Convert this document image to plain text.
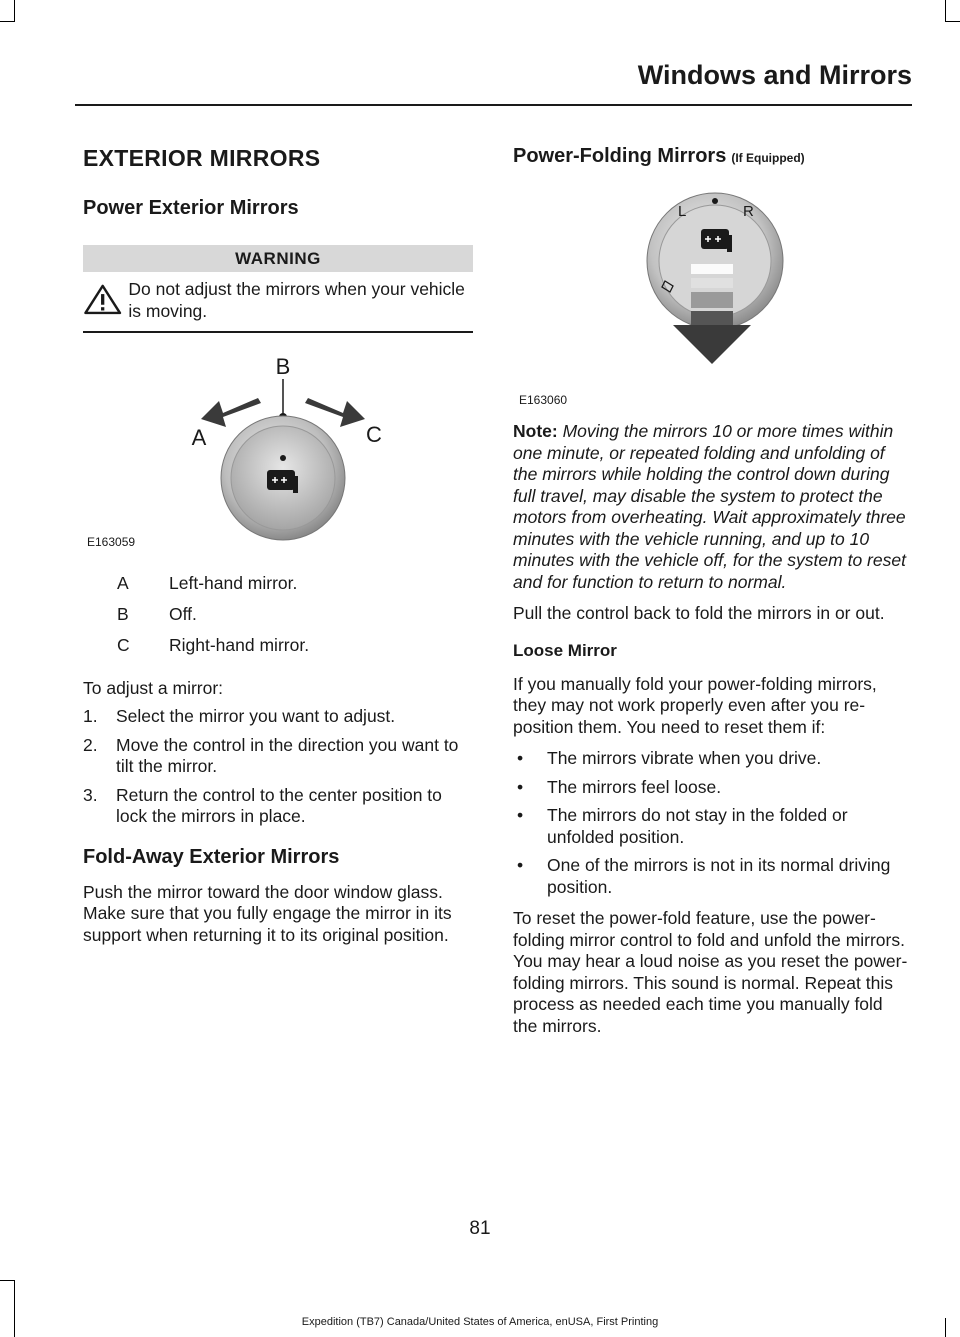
Windows and Mirrors
EXTERIOR MIRRORS
Power Exterior Mirrors
WARNING
Do not adjust the mirrors when your vehicle is moving.
B
A	C
E163059
A	Left-hand mirror.
B	Off.
C	Right-hand mirror.

To adjust a mirror:

1.	Select the mirror you want to adjust.
2.	Move the control in the direction you want to tilt the mirror.
3.	Return the control to the center position to lock the mirrors in place.
Fold-Away Exterior Mirrors

Push the mirror toward the door window glass. Make sure that you fully engage the mirror in its support when returning it to its original position.

Power-Folding Mirrors (If Equipped)
L	R
E163060

Note: Moving the mirrors 10 or more times within one minute, or repeated folding and unfolding of the mirrors while holding the control down during full travel, may disable the system to protect the motors from overheating. Wait approximately three minutes with the vehicle running, and up to 10 minutes with the vehicle off, for the system to reset and for function to return to normal.

Pull the control back to fold the mirrors in or out.

Loose Mirror

If you manually fold your power-folding mirrors, they may not work properly even after you re-position them. You need to reset them if:

•	The mirrors vibrate when you drive.
•	The mirrors feel loose.
•	The mirrors do not stay in the folded or unfolded position.
•	One of the mirrors is not in its normal driving position.

To reset the power-fold feature, use the power-folding mirror control to fold and unfold the mirrors. You may hear a loud noise as you reset the power-folding mirrors. This sound is normal. Repeat this process as needed each time you manually fold the mirrors.

81
Expedition (TB7) Canada/United States of America, enUSA, First Printing
